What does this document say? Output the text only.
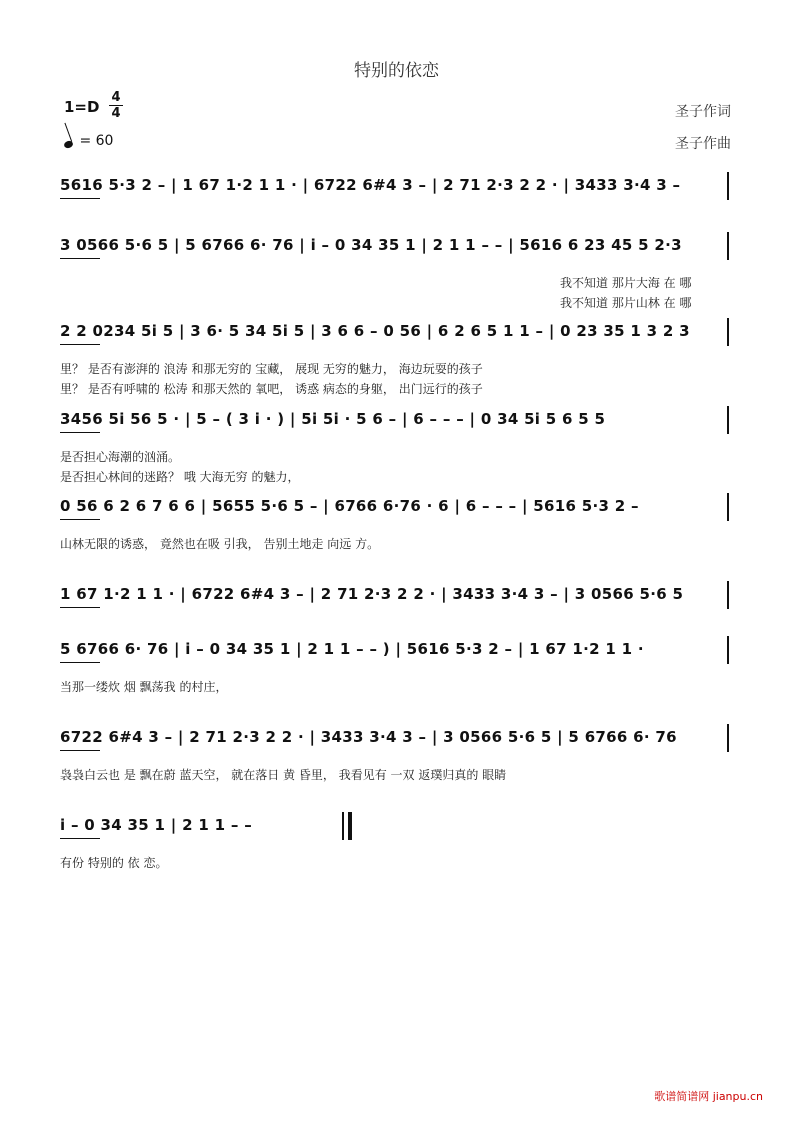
特别的依恋
1=D
4
4
= 60
圣子作词
圣子作曲
5616 5·3 2 – | 1 67 1·2 1 1 · | 6722 6#4 3 – | 2 71 2·3 2 2 · | 3433 3·4 3 –
3 0566 5·6 5 | 5 6766 6· 76 | i – 0 34 35 1 | 2 1 1 – – | 5616 6 23 45 5 2·3
我不知道 那片大海 在 哪
我不知道 那片山林 在 哪
2 2 0234 5i 5 | 3 6· 5 34 5i 5 | 3 6 6 – 0 56 | 6 2 6 5 1 1 – | 0 23 35 1 3 2 3
里？ 是否有澎湃的 浪涛 和那无穷的 宝藏， 展现 无穷的魅力， 海边玩耍的孩子
里？ 是否有呼啸的 松涛 和那天然的 氧吧， 诱惑 病态的身躯， 出门远行的孩子
3456 5i 56 5 · | 5 – ( 3 i · ) | 5i 5i · 5 6 – | 6 – – – | 0 34 5i 5 6 5 5
是否担心海潮的汹涌。
是否担心林间的迷路？ 哦 大海无穷 的魅力，
0 56 6 2 6 7 6 6 | 5655 5·6 5 – | 6766 6·76 · 6 | 6 – – – | 5616 5·3 2 –
山林无限的诱惑， 竟然也在吸 引我， 告别土地走 向远 方。
1 67 1·2 1 1 · | 6722 6#4 3 – | 2 71 2·3 2 2 · | 3433 3·4 3 – | 3 0566 5·6 5
5 6766 6· 76 | i – 0 34 35 1 | 2 1 1 – – ) | 5616 5·3 2 – | 1 67 1·2 1 1 ·
当那一缕炊 烟 飘荡我 的村庄，
6722 6#4 3 – | 2 71 2·3 2 2 · | 3433 3·4 3 – | 3 0566 5·6 5 | 5 6766 6· 76
袅袅白云也 是 飘在蔚 蓝天空， 就在落日 黄 昏里， 我看见有 一双 返璞归真的 眼睛
i – 0 34 35 1 | 2 1 1 – –
有份 特别的 依 恋。
歌谱简谱网 jianpu.cn
